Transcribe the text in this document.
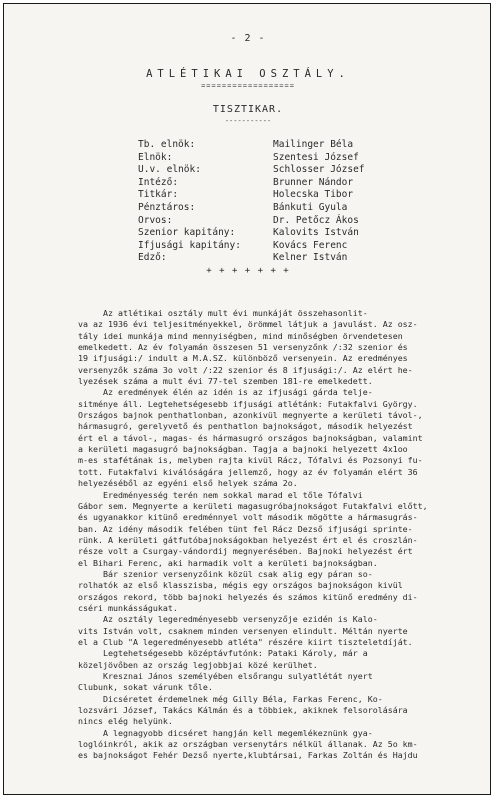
- 2 -
ATLÉTIKAI OSZTÁLY.
==================
TISZTIKAR.
-----------
Tb. elnök:	Mailinger Béla
Elnök:	Szentesi József
U.v. elnök:	Schlosser József
Intéző:	Brunner Nándor
Titkár:	Holecska Tibor
Pénztáros:	Bánkuti Gyula
Orvos:	Dr. Petőcz Ákos
Szenior kapitány:	Kalovits István
Ifjusági kapitány:	Kovács Ferenc
Edző:	Kelner István
+ + + + + + +
Az atlétikai osztály mult évi munkáját összehasonlit-
va az 1936 évi teljesitményekkel, örömmel látjuk a javulást. Az osz-
tály idei munkája mind mennyiségben, mind minőségben örvendetesen
emelkedett. Az év folyamán összesen 51 versenyzőnk /:32 szenior és
19 ifjusági:/ indult a M.A.SZ. különböző versenyein. Az eredményes
versenyzők száma 3o volt /:22 szenior és 8 ifjusági:/. Az elért he-
lyezések száma a mult évi 77-tel szemben 181-re emelkedett.
Az eredmények élén az idén is az ifjusági gárda telje-
sitménye áll. Legtehetségesebb ifjusági atlétánk: Futakfalvi György.
Országos bajnok penthatlonban, azonkivül megnyerte a kerületi távol-,
hármasugró, gerelyvető és penthatlon bajnokságot, második helyezést
ért el a távol-, magas- és hármasugró országos bajnokságban, valamint
a kerületi magasugró bajnokságban. Tagja a bajnoki helyezett 4x1oo
m-es stafétának is, melyben rajta kivül Rácz, Tófalvi és Pozsonyi fu-
tott. Futakfalvi kiválóságára jellemző, hogy az év folyamán elért 36
helyezéséből az egyéni első helyek száma 2o.
Eredményesség terén nem sokkal marad el tőle Tófalvi
Gábor sem. Megnyerte a kerületi magasugróbajnokságot Futakfalvi előtt,
és ugyanakkor kitünő eredménnyel volt második mögötte a hármasugrás-
ban. Az idény második felében tünt fel Rácz Dezső ifjusági sprinte-
rünk. A kerületi gátfutóbajnokságokban helyezést ért el és croszlán-
része volt a Csurgay-vándordij megnyerésében. Bajnoki helyezést ért
el Bihari Ferenc, aki harmadik volt a kerületi bajnokságban.
Bár szenior versenyzőink közül csak alig egy páran so-
rolhatók az első klasszisba, mégis egy országos bajnokságon kivül
országos rekord, több bajnoki helyezés és számos kitünő eredmény di-
cséri munkásságukat.
Az osztály legeredményesebb versenyzője ezidén is Kalo-
vits István volt, csaknem minden versenyen elindult. Méltán nyerte
el a Club "A legeredményesebb atléta" részére kiirt tiszteletdíját.
Legtehetségesebb középtávfutónk: Pataki Károly, már a
közeljövőben az ország legjobbjai közé kerülhet.
Kresznai János személyében elsőrangu sulyatlétát nyert
Clubunk, sokat várunk tőle.
Dicséretet érdemelnek még Gilly Béla, Farkas Ferenc, Ko-
lozsvári József, Takács Kálmán és a többiek, akiknek felsorolására
nincs elég helyünk.
A legnagyobb dicséret hangján kell megemlékeznünk gya-
loglóinkról, akik az országban versenytárs nélkül állanak. Az 5o km-
es bajnokságot Fehér Dezső nyerte,klubtársai, Farkas Zoltán és Hajdu
